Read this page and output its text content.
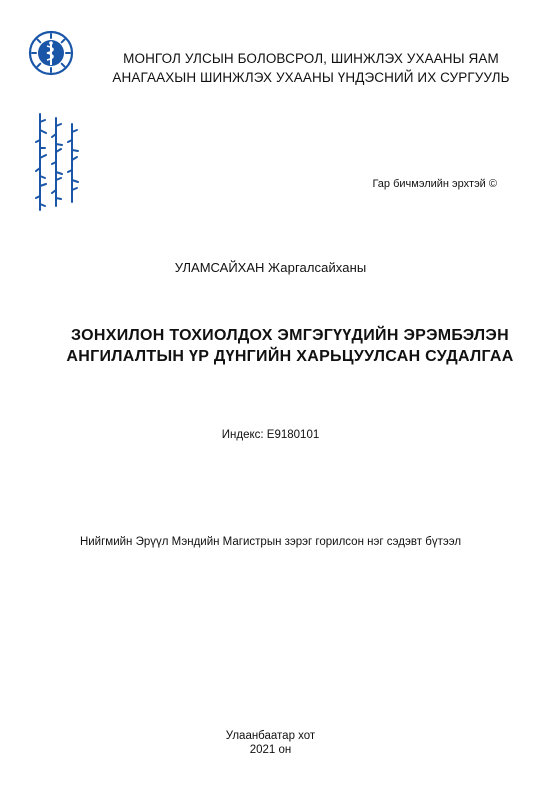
МОНГОЛ УЛСЫН БОЛОВСРОЛ, ШИНЖЛЭХ УХААНЫ ЯАМ
АНАГААХЫН ШИНЖЛЭХ УХААНЫ ҮНДЭСНИЙ ИХ СУРГУУЛЬ
Гар бичмэлийн эрхтэй ©
УЛАМСАЙХАН Жаргалсайханы
ЗОНХИЛОН ТОХИОЛДОХ ЭМГЭГҮҮДИЙН ЭРЭМБЭЛЭН
АНГИЛАЛТЫН ҮР ДҮНГИЙН ХАРЬЦУУЛСАН СУДАЛГАА
Индекс: E9180101
Нийгмийн Эрүүл Мэндийн Магистрын зэрэг горилсон нэг сэдэвт бүтээл
Улаанбаатар хот
2021 он
